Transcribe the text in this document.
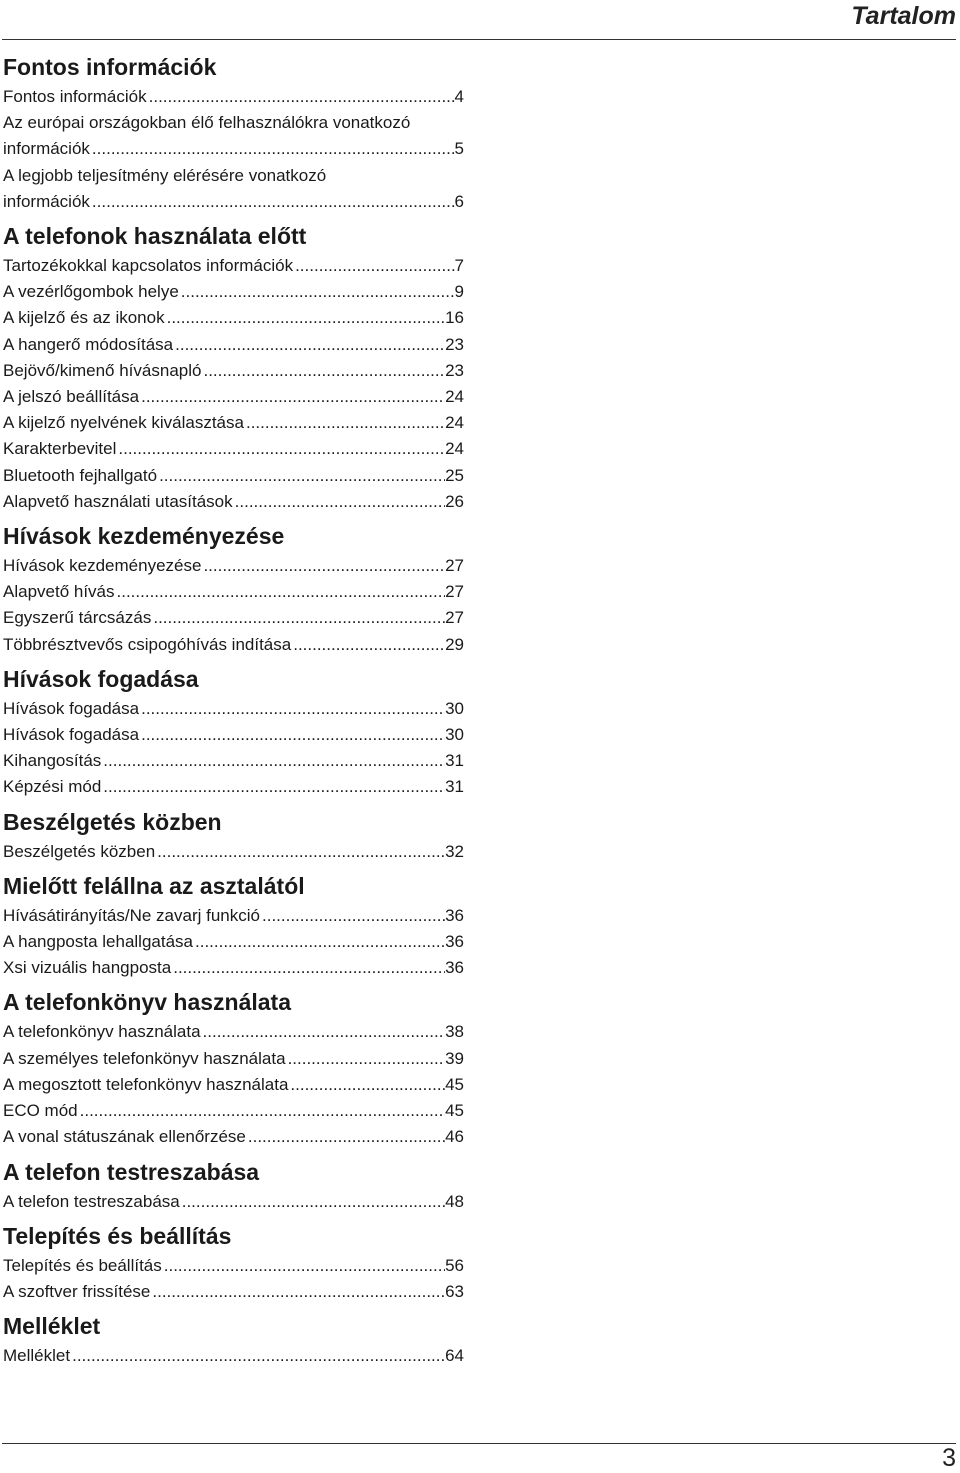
Tartalom
Fontos információk
Fontos információk .....	4
Az európai országokban élő felhasználókra vonatkozó
információk .....	5
A legjobb teljesítmény elérésére vonatkozó
információk .....	6
A telefonok használata előtt
Tartozékokkal kapcsolatos információk .....	7
A vezérlőgombok helye .....	9
A kijelző és az ikonok .....	16
A hangerő módosítása .....	23
Bejövő/kimenő hívásnapló .....	23
A jelszó beállítása .....	24
A kijelző nyelvének kiválasztása .....	24
Karakterbevitel .....	24
Bluetooth fejhallgató .....	25
Alapvető használati utasítások .....	26
Hívások kezdeményezése
Hívások kezdeményezése .....	27
Alapvető hívás .....	27
Egyszerű tárcsázás .....	27
Többrésztvevős csipogóhívás indítása .....	29
Hívások fogadása
Hívások fogadása .....	30
Hívások fogadása .....	30
Kihangosítás .....	31
Képzési mód .....	31
Beszélgetés közben
Beszélgetés közben .....	32
Mielőtt felállna az asztalától
Hívásátirányítás/Ne zavarj funkció .....	36
A hangposta lehallgatása .....	36
Xsi vizuális hangposta .....	36
A telefonkönyv használata
A telefonkönyv használata .....	38
A személyes telefonkönyv használata .....	39
A megosztott telefonkönyv használata .....	45
ECO mód .....	45
A vonal státuszának ellenőrzése .....	46
A telefon testreszabása
A telefon testreszabása .....	48
Telepítés és beállítás
Telepítés és beállítás .....	56
A szoftver frissítése .....	63
Melléklet
Melléklet .....	64
3
